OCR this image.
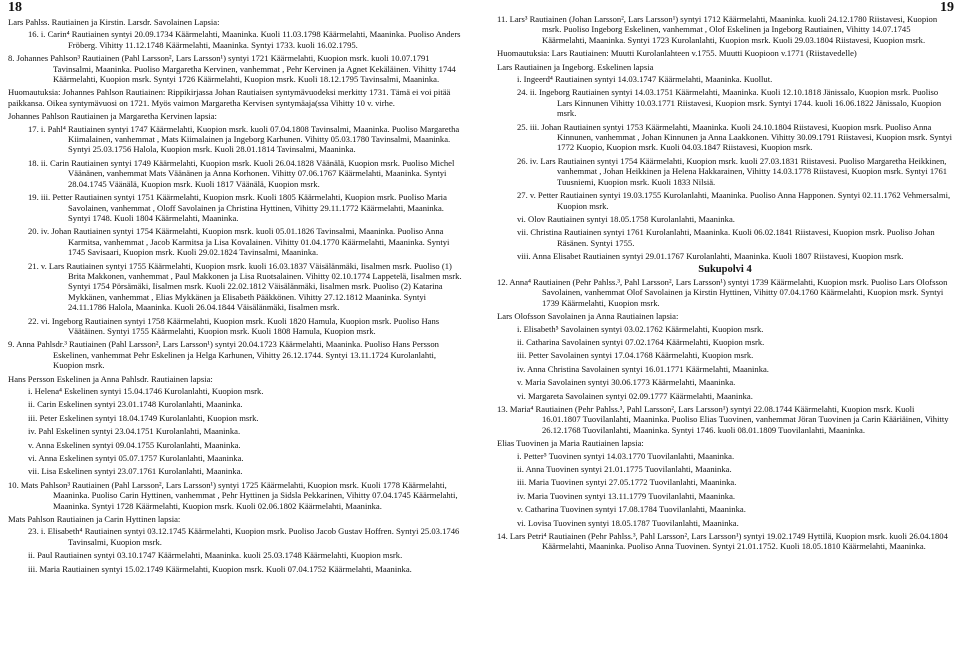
18	19

Lars Pahlss. Rautiainen ja Kirstin. Larsdr. Savolainen Lapsia:

16. i. Carin⁴ Rautiainen syntyi 20.09.1734 Käärmelahti, Maaninka. Kuoli 11.03.1798 Käärmelahti, Maaninka. Puoliso Anders Fröberg. Vihitty 11.12.1748 Käärmelahti, Maaninka. Syntyi 1733. kuoli 16.02.1795.

8. Johannes Pahlson³ Rautiainen (Pahl Larsson², Lars Larsson¹) syntyi 1721 Käärmelahti, Kuopion msrk. kuoli 10.07.1791 Tavinsalmi, Maaninka. Puoliso Margaretha Kervinen, vanhemmat , Pehr Kervinen ja Agnet Kekäläinen. Vihitty 1744 Käärmelahti, Kuopion msrk. Syntyi 1726 Käärmelahti, Kuopion msrk. Kuoli 18.12.1795 Tavinsalmi, Maaninka.

Huomautuksia: Johannes Pahlson Rautiainen: Rippikirjassa Johan Rautiaisen syntymävuodeksi merkitty 1731. Tämä ei voi pitää paikkansa. Oikea syntymävuosi on 1721. Myös vaimon Margaretha Kervisen syntymäaja(ssa Vihitty 10 v. virhe.

Johannes Pahlson Rautiainen ja Margaretha Kervinen lapsia:

17. i. Pahl⁴ Rautiainen syntyi 1747 Käärmelahti, Kuopion msrk. kuoli 07.04.1808 Tavinsalmi, Maaninka. Puoliso Margaretha Kiimalainen, vanhemmat , Mats Kiimalainen ja Ingeborg Karhunen. Vihitty 05.03.1780 Tavinsalmi, Maaninka. Syntyi 25.03.1756 Halola, Kuopion msrk. Kuoli 28.01.1814 Tavinsalmi, Maaninka.

18. ii. Carin Rautiainen syntyi 1749 Käärmelahti, Kuopion msrk. Kuoli 26.04.1828 Väänälä, Kuopion msrk. Puoliso Michel Väänänen, vanhemmat Mats Väänänen ja Anna Korhonen. Vihitty 07.06.1767 Käärmelahti, Maaninka. Syntyi 28.04.1745 Väänälä, Kuopion msrk. Kuoli 1817 Väänälä, Kuopion msrk.

19. iii. Petter Rautiainen syntyi 1751 Käärmelahti, Kuopion msrk. Kuoli 1805 Käärmelahti, Kuopion msrk. Puoliso Maria Savolainen, vanhemmat , Oloff Savolainen ja Christina Hyttinen, Vihitty 29.11.1772 Käärmelahti, Maaninka. Syntyi 1748. Kuoli 1804 Käärmelahti, Maaninka.

20. iv. Johan Rautiainen syntyi 1754 Käärmelahti, Kuopion msrk. kuoli 05.01.1826 Tavinsalmi, Maaninka. Puoliso Anna Karmitsa, vanhemmat , Jacob Karmitsa ja Lisa Kovalainen. Vihitty 01.04.1770 Käärmelahti, Maaninka. Syntyi 1745 Savisaari, Kuopion msrk. Kuoli 29.02.1824 Tavinsalmi, Maaninka.

21. v. Lars Rautiainen syntyi 1755 Käärmelahti, Kuopion msrk. kuoli 16.03.1837 Väisälänmäki, Iisalmen msrk. Puoliso (1) Brita Makkonen, vanhemmat , Paul Makkonen ja Lisa Ruotsalainen. Vihitty 02.10.1774 Lappetelä, Iisalmen msrk. Syntyi 1754 Pörsämäki, Iisalmen msrk. Kuoli 22.02.1812 Väisälänmäki, Iisalmen msrk. Puoliso (2) Katarina Mykkänen, vanhemmat , Elias Mykkänen ja Elisabeth Pääkkönen. Vihitty 27.12.1812 Maaninka. Syntyi 24.11.1786 Halola, Maaninka. Kuoli 26.04.1844 Väisälänmäki, Iisalmen msrk.

22. vi. Ingeborg Rautiainen syntyi 1758 Käärmelahti, Kuopion msrk. Kuoli 1820 Hamula, Kuopion msrk. Puoliso Hans Väätäinen. Syntyi 1755 Käärmelahti, Kuopion msrk. Kuoli 1808 Hamula, Kuopion msrk.

9. Anna Pahlsdr.³ Rautiainen (Pahl Larsson², Lars Larsson¹) syntyi 20.04.1723 Käärmelahti, Maaninka. Puoliso Hans Persson Eskelinen, vanhemmat Pehr Eskelinen ja Helga Karhunen, Vihitty 26.12.1744. Syntyi 13.11.1724 Kurolanlahti, Kuopion msrk.

Hans Persson Eskelinen ja Anna Pahlsdr. Rautiainen lapsia:

i. Helena⁴ Eskelinen syntyi 15.04.1746 Kurolanlahti, Kuopion msrk.

ii. Carin Eskelinen syntyi 23.01.1748 Kurolanlahti, Maaninka.

iii. Peter Eskelinen syntyi 18.04.1749 Kurolanlahti, Kuopion msrk.

iv. Pahl Eskelinen syntyi 23.04.1751 Kurolanlahti, Maaninka.

v. Anna Eskelinen syntyi 09.04.1755 Kurolanlahti, Maaninka.

vi. Anna Eskelinen syntyi 05.07.1757 Kurolanlahti, Maaninka.

vii. Lisa Eskelinen syntyi 23.07.1761 Kurolanlahti, Maaninka.

10. Mats Pahlson³ Rautiainen (Pahl Larsson², Lars Larsson¹) syntyi 1725 Käärmelahti, Kuopion msrk. Kuoli 1778 Käärmelahti, Maaninka. Puoliso Carin Hyttinen, vanhemmat , Pehr Hyttinen ja Sidsla Pekkarinen, Vihitty 07.04.1745 Käärmelahti, Maaninka. Syntyi 1728 Käärmelahti, Kuopion msrk. Kuoli 02.06.1802 Käärmelahti, Maaninka.

Mats Pahlson Rautiainen ja Carin Hyttinen lapsia:

23. i. Elisabeth⁴ Rautiainen syntyi 03.12.1745 Käärmelahti, Kuopion msrk. Puoliso Jacob Gustav Hoffren. Syntyi 25.03.1746 Tavinsalmi, Kuopion msrk.

ii. Paul Rautiainen syntyi 03.10.1747 Käärmelahti, Maaninka. kuoli 25.03.1748 Käärmelahti, Kuopion msrk.

iii. Maria Rautiainen syntyi 15.02.1749 Käärmelahti, Kuopion msrk. Kuoli 07.04.1752 Käärmelahti, Maaninka.

11. Lars³ Rautiainen (Johan Larsson², Lars Larsson¹) syntyi 1712 Käärmelahti, Maaninka. kuoli 24.12.1780 Riistavesi, Kuopion msrk. Puoliso Ingeborg Eskelinen, vanhemmat , Olof Eskelinen ja Ingeborg Rautiainen, Vihitty 14.07.1745 Käärmelahti, Maaninka. Syntyi 1723 Kurolanlahti, Kuopion msrk. Kuoli 29.03.1804 Riistavesi, Kuopion msrk.

Huomautuksia: Lars Rautiainen: Muutti Kurolanlahteen v.1755. Muutti Kuopioon v.1771 (Riistavedelle)

Lars Rautiainen ja Ingeborg. Eskelinen lapsia

i. Ingeerd⁴ Rautiainen syntyi 14.03.1747 Käärmelahti, Maaninka. Kuollut.

24. ii. Ingeborg Rautiainen syntyi 14.03.1751 Käärmelahti, Maaninka. Kuoli 12.10.1818 Jänissalo, Kuopion msrk. Puoliso Lars Kinnunen Vihitty 10.03.1771 Riistavesi, Kuopion msrk. Syntyi 1744. kuoli 16.06.1822 Jänissalo, Kuopion msrk.

25. iii. Johan Rautiainen syntyi 1753 Käärmelahti, Maaninka. Kuoli 24.10.1804 Riistavesi, Kuopion msrk. Puoliso Anna Kinnunen, vanhemmat , Johan Kinnunen ja Anna Laakkonen. Vihitty 30.09.1791 Riistavesi, Kuopion msrk. Syntyi 1772 Kuopio, Kuopion msrk. Kuoli 04.03.1847 Riistavesi, Kuopion msrk.

26. iv. Lars Rautiainen syntyi 1754 Käärmelahti, Kuopion msrk. kuoli 27.03.1831 Riistavesi. Puoliso Margaretha Heikkinen, vanhemmat , Johan Heikkinen ja Helena Hakkarainen, Vihitty 14.03.1778 Riistavesi, Kuopion msrk. Syntyi 1761 Tuusniemi, Kuopion msrk. Kuoli 1833 Nilsiä.

27. v. Petter Rautiainen syntyi 19.03.1755 Kurolanlahti, Maaninka. Puoliso Anna Happonen. Syntyi 02.11.1762 Vehmersalmi, Kuopion msrk.

vi. Olov Rautiainen syntyi 18.05.1758 Kurolanlahti, Maaninka.

vii. Christina Rautiainen syntyi 1761 Kurolanlahti, Maaninka. Kuoli 06.02.1841 Riistavesi, Kuopion msrk. Puoliso Johan Räsänen. Syntyi 1755.

viii. Anna Elisabet Rautiainen syntyi 29.01.1767 Kurolanlahti, Maaninka. Kuoli 1807 Riistavesi, Kuopion msrk.

Sukupolvi 4

12. Anna⁴ Rautiainen (Pehr Pahlss.³, Pahl Larsson², Lars Larsson¹) syntyi 1739 Käärmelahti, Kuopion msrk. Puoliso Lars Olofsson Savolainen, vanhemmat Olof Savolainen ja Kirstin Hyttinen, Vihitty 07.04.1760 Käärmelahti, Kuopion msrk. Syntyi 1739 Käärmelahti, Kuopion msrk.

Lars Olofsson Savolainen ja Anna Rautiainen lapsia:

i. Elisabeth⁵ Savolainen syntyi 03.02.1762 Käärmelahti, Kuopion msrk.

ii. Catharina Savolainen syntyi 07.02.1764 Käärmelahti, Kuopion msrk.

iii. Petter Savolainen syntyi 17.04.1768 Käärmelahti, Kuopion msrk.

iv. Anna Christina Savolainen syntyi 16.01.1771 Käärmelahti, Maaninka.

v. Maria Savolainen syntyi 30.06.1773 Käärmelahti, Maaninka.

vi. Margareta Savolainen syntyi 02.09.1777 Käärmelahti, Maaninka.

13. Maria⁴ Rautiainen (Pehr Pahlss.³, Pahl Larsson², Lars Larsson¹) syntyi 22.08.1744 Käärmelahti, Kuopion msrk. Kuoli 16.01.1807 Tuovilanlahti, Maaninka. Puoliso Elias Tuovinen, vanhemmat Jöran Tuovinen ja Carin Kääriäinen, Vihitty 26.12.1768 Tuovilanlahti, Maaninka. Syntyi 1746. kuoli 08.01.1809 Tuovilanlahti, Maaninka.

Elias Tuovinen ja Maria Rautiainen lapsia:

i. Petter⁵ Tuovinen syntyi 14.03.1770 Tuovilanlahti, Maaninka.

ii. Anna Tuovinen syntyi 21.01.1775 Tuovilanlahti, Maaninka.

iii. Maria Tuovinen syntyi 27.05.1772 Tuovilanlahti, Maaninka.

iv. Maria Tuovinen syntyi 13.11.1779 Tuovilanlahti, Maaninka.

v. Catharina Tuovinen syntyi 17.08.1784 Tuovilanlahti, Maaninka.

vi. Lovisa Tuovinen syntyi 18.05.1787 Tuovilanlahti, Maaninka.

14. Lars Petri⁴ Rautiainen (Pehr Pahlss.³, Pahl Larsson², Lars Larsson¹) syntyi 19.02.1749 Hyttilä, Kuopion msrk. kuoli 26.04.1804 Käärmelahti, Maaninka. Puoliso Anna Tuovinen. Syntyi 21.01.1752. Kuoli 18.05.1810 Käärmelahti, Maaninka.
